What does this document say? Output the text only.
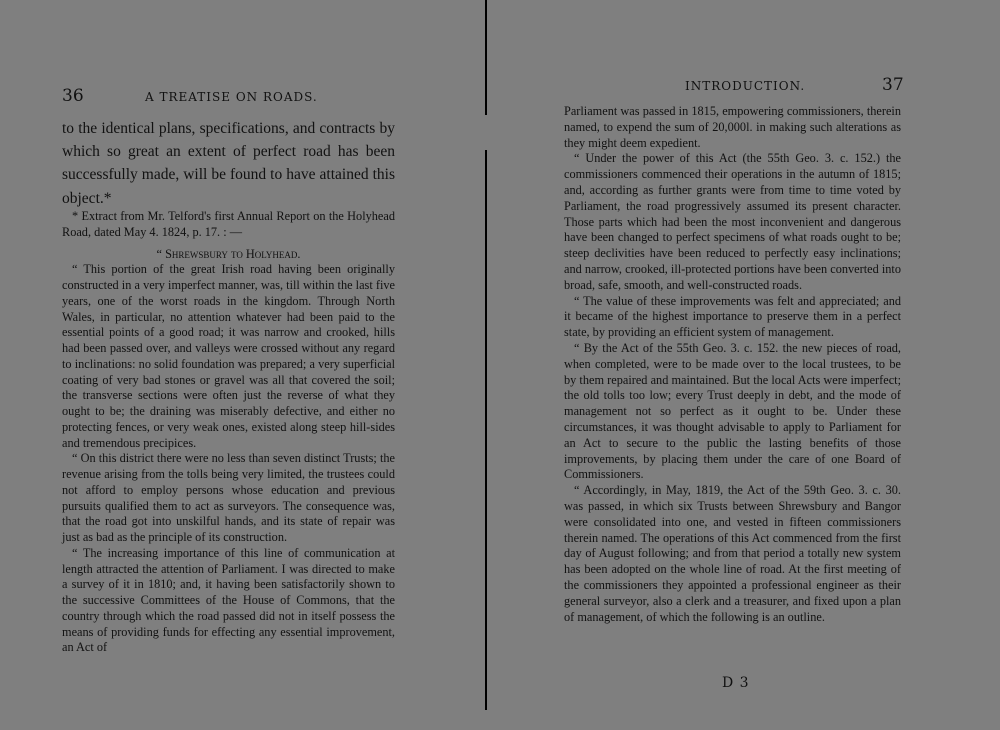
36	A TREATISE ON ROADS.

to the identical plans, specifications, and contracts by which so great an extent of perfect road has been successfully made, will be found to have attained this object.*

* Extract from Mr. Telford's first Annual Report on the Holyhead Road, dated May 4. 1824, p. 17. : —

“ Shrewsbury to Holyhead.

“ This portion of the great Irish road having been originally constructed in a very imperfect manner, was, till within the last five years, one of the worst roads in the kingdom. Through North Wales, in particular, no attention whatever had been paid to the essential points of a good road; it was narrow and crooked, hills had been passed over, and valleys were crossed without any regard to inclinations: no solid foundation was prepared; a very superficial coating of very bad stones or gravel was all that covered the soil; the transverse sections were often just the reverse of what they ought to be; the draining was miserably defective, and either no protecting fences, or very weak ones, existed along steep hill-sides and tremendous precipices.

“ On this district there were no less than seven distinct Trusts; the revenue arising from the tolls being very limited, the trustees could not afford to employ persons whose education and previous pursuits qualified them to act as surveyors. The consequence was, that the road got into unskilful hands, and its state of repair was just as bad as the principle of its construction.

“ The increasing importance of this line of communication at length attracted the attention of Parliament. I was directed to make a survey of it in 1810; and, it having been satisfactorily shown to the successive Committees of the House of Commons, that the country through which the road passed did not in itself possess the means of providing funds for effecting any essential improvement, an Act of

INTRODUCTION.	37

Parliament was passed in 1815, empowering commissioners, therein named, to expend the sum of 20,000l. in making such alterations as they might deem expedient.

“ Under the power of this Act (the 55th Geo. 3. c. 152.) the commissioners commenced their operations in the autumn of 1815; and, according as further grants were from time to time voted by Parliament, the road progressively assumed its present character. Those parts which had been the most inconvenient and dangerous have been changed to perfect specimens of what roads ought to be; steep declivities have been reduced to perfectly easy inclinations; and narrow, crooked, ill-protected portions have been converted into broad, safe, smooth, and well-constructed roads.

“ The value of these improvements was felt and appreciated; and it became of the highest importance to preserve them in a perfect state, by providing an efficient system of management.

“ By the Act of the 55th Geo. 3. c. 152. the new pieces of road, when completed, were to be made over to the local trustees, to be by them repaired and maintained. But the local Acts were imperfect; the old tolls too low; every Trust deeply in debt, and the mode of management not so perfect as it ought to be. Under these circumstances, it was thought advisable to apply to Parliament for an Act to secure to the public the lasting benefits of those improvements, by placing them under the care of one Board of Commissioners.

“ Accordingly, in May, 1819, the Act of the 59th Geo. 3. c. 30. was passed, in which six Trusts between Shrewsbury and Bangor were consolidated into one, and vested in fifteen commissioners therein named. The operations of this Act commenced from the first day of August following; and from that period a totally new system has been adopted on the whole line of road. At the first meeting of the commissioners they appointed a professional engineer as their general surveyor, also a clerk and a treasurer, and fixed upon a plan of management, of which the following is an outline.

D 3
